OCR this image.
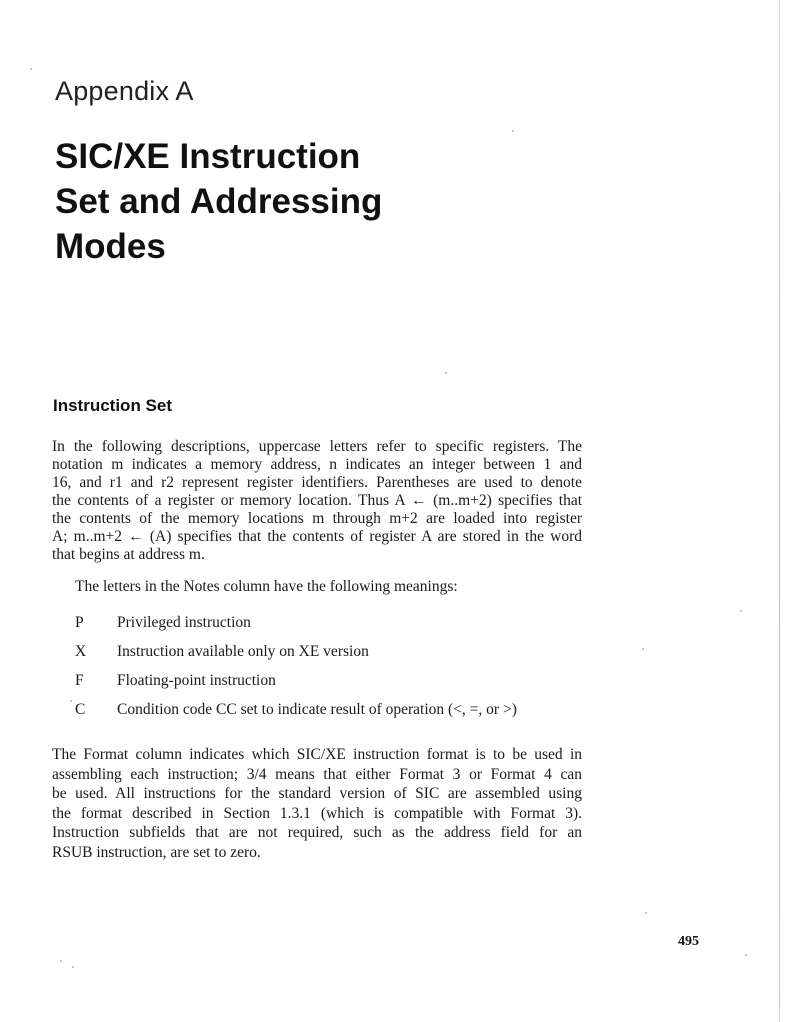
Appendix A
SIC/XE Instruction
Set and Addressing
Modes
Instruction Set
In the following descriptions, uppercase letters refer to specific registers. The
notation m indicates a memory address, n indicates an integer between 1 and
16, and r1 and r2 represent register identifiers. Parentheses are used to denote
the contents of a register or memory location. Thus A ← (m..m+2) specifies that
the contents of the memory locations m through m+2 are loaded into register
A; m..m+2 ← (A) specifies that the contents of register A are stored in the word
that begins at address m.
The letters in the Notes column have the following meanings:
P	Privileged instruction
X	Instruction available only on XE version
F	Floating-point instruction
C	Condition code CC set to indicate result of operation (<, =, or >)
The Format column indicates which SIC/XE instruction format is to be used in
assembling each instruction; 3/4 means that either Format 3 or Format 4 can
be used. All instructions for the standard version of SIC are assembled using
the format described in Section 1.3.1 (which is compatible with Format 3).
Instruction subfields that are not required, such as the address field for an
RSUB instruction, are set to zero.
495
